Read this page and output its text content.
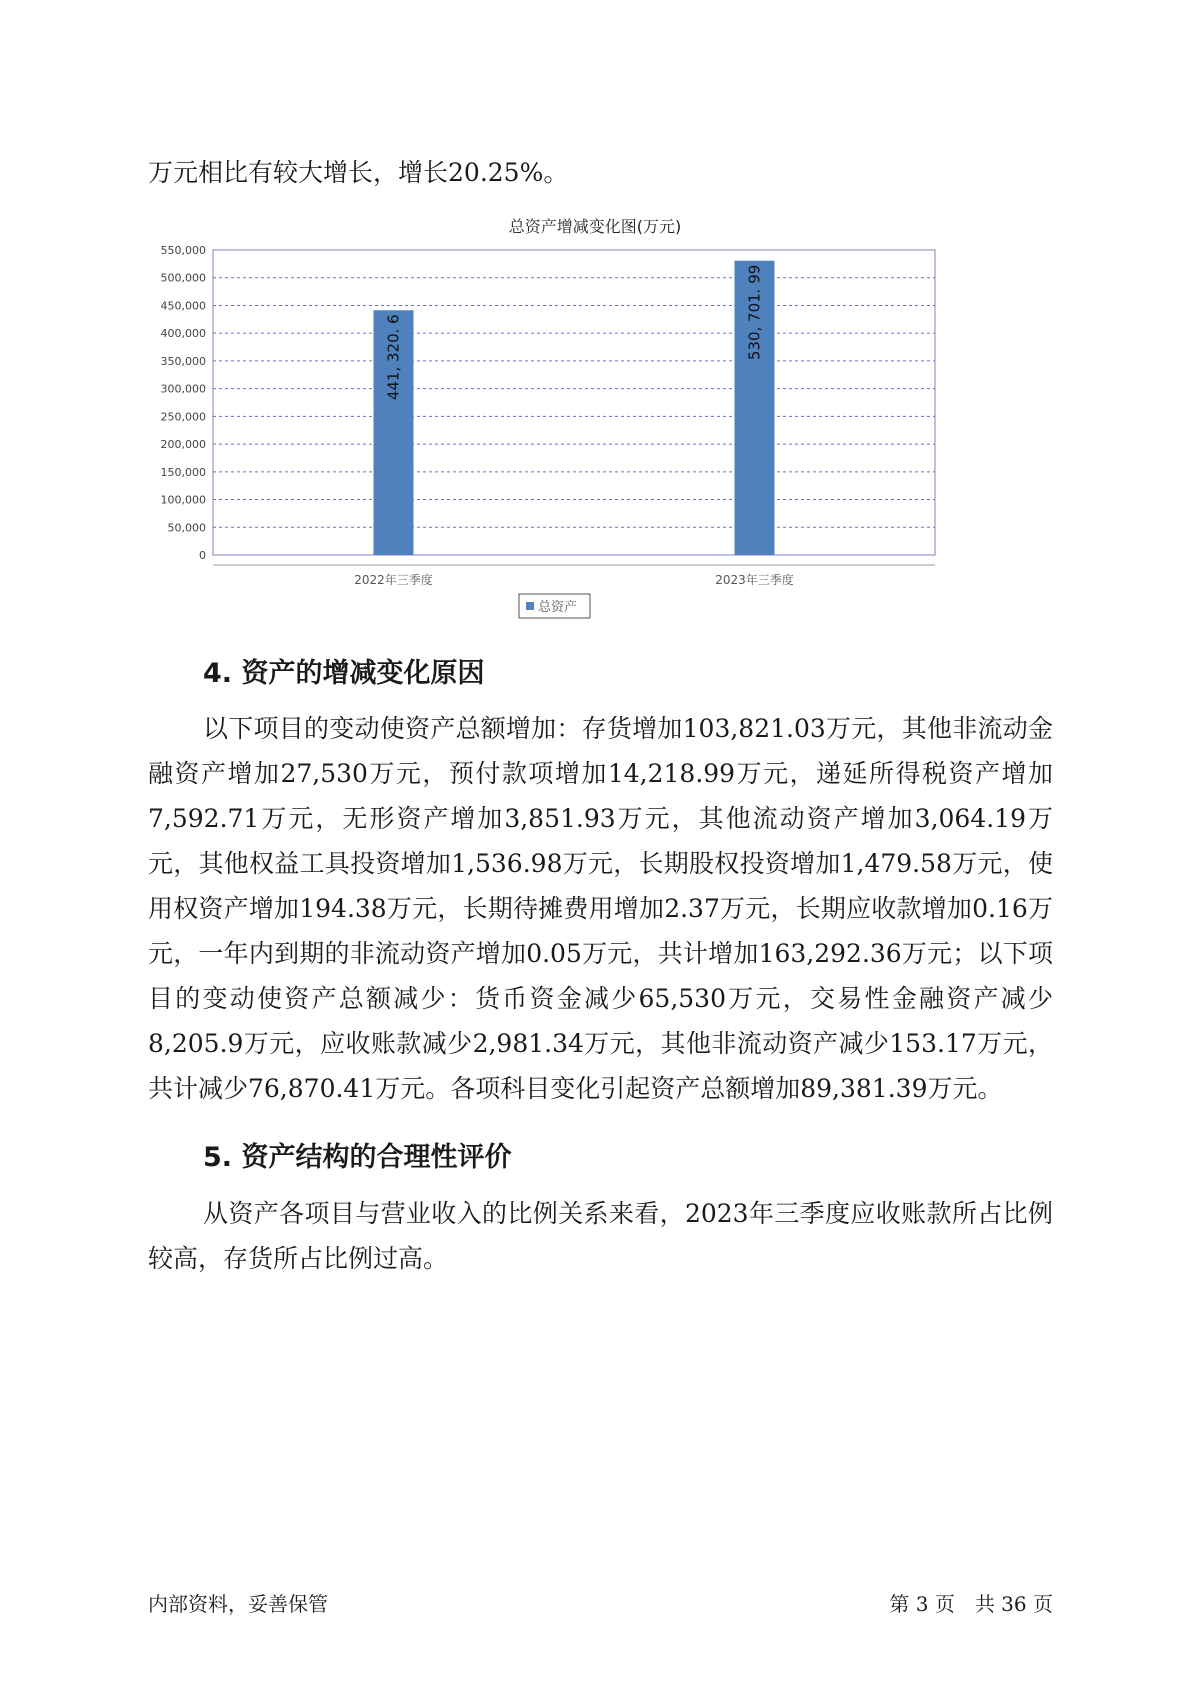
万元相比有较大增长，增长20.25%。

总资产增减变化图(万元)
0
50,000
100,000
150,000
200,000
250,000
300,000
350,000
400,000
450,000
500,000
550,000
441, 320. 6	530, 701. 99
2022年三季度	2023年三季度
总资产
4. 资产的增减变化原因

以下项目的变动使资产总额增加：存货增加103,821.03万元，其他非流动金融资产增加27,530万元，预付款项增加14,218.99万元，递延所得税资产增加7,592.71万元，无形资产增加3,851.93万元，其他流动资产增加3,064.19万元，其他权益工具投资增加1,536.98万元，长期股权投资增加1,479.58万元，使用权资产增加194.38万元，长期待摊费用增加2.37万元，长期应收款增加0.16万元，一年内到期的非流动资产增加0.05万元，共计增加163,292.36万元；以下项目的变动使资产总额减少：货币资金减少65,530万元，交易性金融资产减少8,205.9万元，应收账款减少2,981.34万元，其他非流动资产减少153.17万元，共计减少76,870.41万元。各项科目变化引起资产总额增加89,381.39万元。

5. 资产结构的合理性评价

从资产各项目与营业收入的比例关系来看，2023年三季度应收账款所占比例较高，存货所占比例过高。

内部资料，妥善保管	第 3 页　共 36 页
